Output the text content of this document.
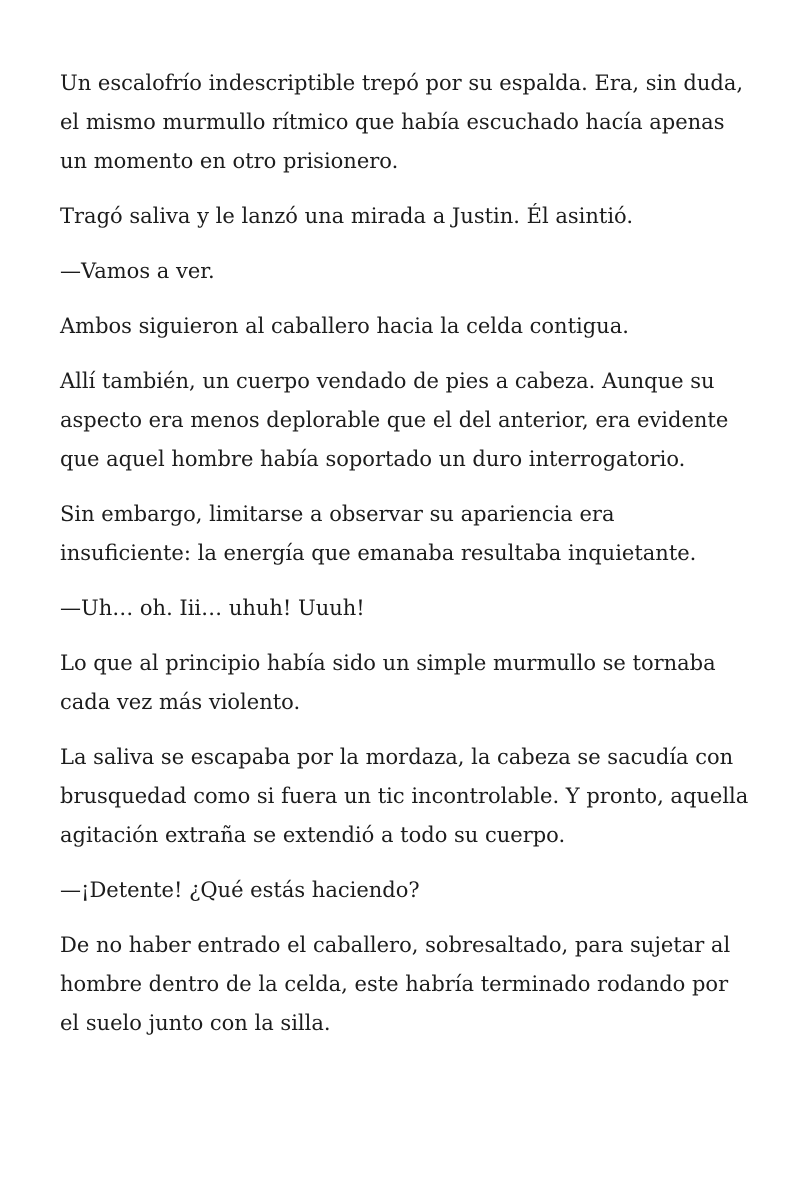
Un escalofrío indescriptible trepó por su espalda. Era, sin duda, el mismo murmullo rítmico que había escuchado hacía apenas un momento en otro prisionero.

Tragó saliva y le lanzó una mirada a Justin. Él asintió.

—Vamos a ver.

Ambos siguieron al caballero hacia la celda contigua.

Allí también, un cuerpo vendado de pies a cabeza. Aunque su aspecto era menos deplorable que el del anterior, era evidente que aquel hombre había soportado un duro interrogatorio.

Sin embargo, limitarse a observar su apariencia era insuficiente: la energía que emanaba resultaba inquietante.

—Uh… oh. Iii… uhuh! Uuuh!

Lo que al principio había sido un simple murmullo se tornaba cada vez más violento.

La saliva se escapaba por la mordaza, la cabeza se sacudía con brusquedad como si fuera un tic incontrolable. Y pronto, aquella agitación extraña se extendió a todo su cuerpo.

—¡Detente! ¿Qué estás haciendo?

De no haber entrado el caballero, sobresaltado, para sujetar al hombre dentro de la celda, este habría terminado rodando por el suelo junto con la silla.
